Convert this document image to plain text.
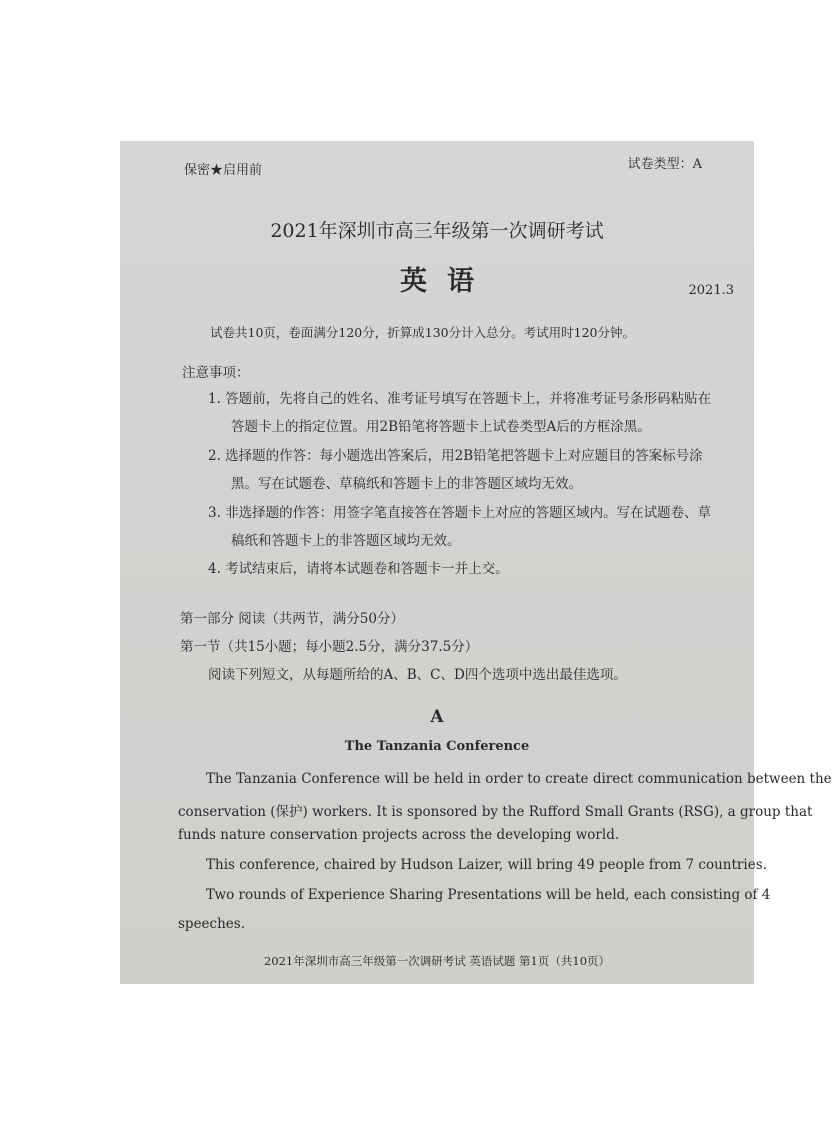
保密★启用前	试卷类型：A
2021年深圳市高三年级第一次调研考试
英语	2021.3
试卷共10页，卷面满分120分，折算成130分计入总分。考试用时120分钟。
注意事项：
1. 答题前，先将自己的姓名、准考证号填写在答题卡上，并将准考证号条形码粘贴在
答题卡上的指定位置。用2B铅笔将答题卡上试卷类型A后的方框涂黑。
2. 选择题的作答：每小题选出答案后，用2B铅笔把答题卡上对应题目的答案标号涂
黑。写在试题卷、草稿纸和答题卡上的非答题区域均无效。
3. 非选择题的作答：用签字笔直接答在答题卡上对应的答题区域内。写在试题卷、草
稿纸和答题卡上的非答题区域均无效。
4. 考试结束后，请将本试题卷和答题卡一并上交。
第一部分 阅读（共两节，满分50分）
第一节（共15小题；每小题2.5分，满分37.5分）
阅读下列短文，从每题所给的A、B、C、D四个选项中选出最佳选项。
A
The Tanzania Conference
The Tanzania Conference will be held in order to create direct communication between the
conservation (保护) workers. It is sponsored by the Rufford Small Grants (RSG), a group that
funds nature conservation projects across the developing world.
This conference, chaired by Hudson Laizer, will bring 49 people from 7 countries.
Two rounds of Experience Sharing Presentations will be held, each consisting of 4
speeches.
2021年深圳市高三年级第一次调研考试 英语试题 第1页（共10页）
